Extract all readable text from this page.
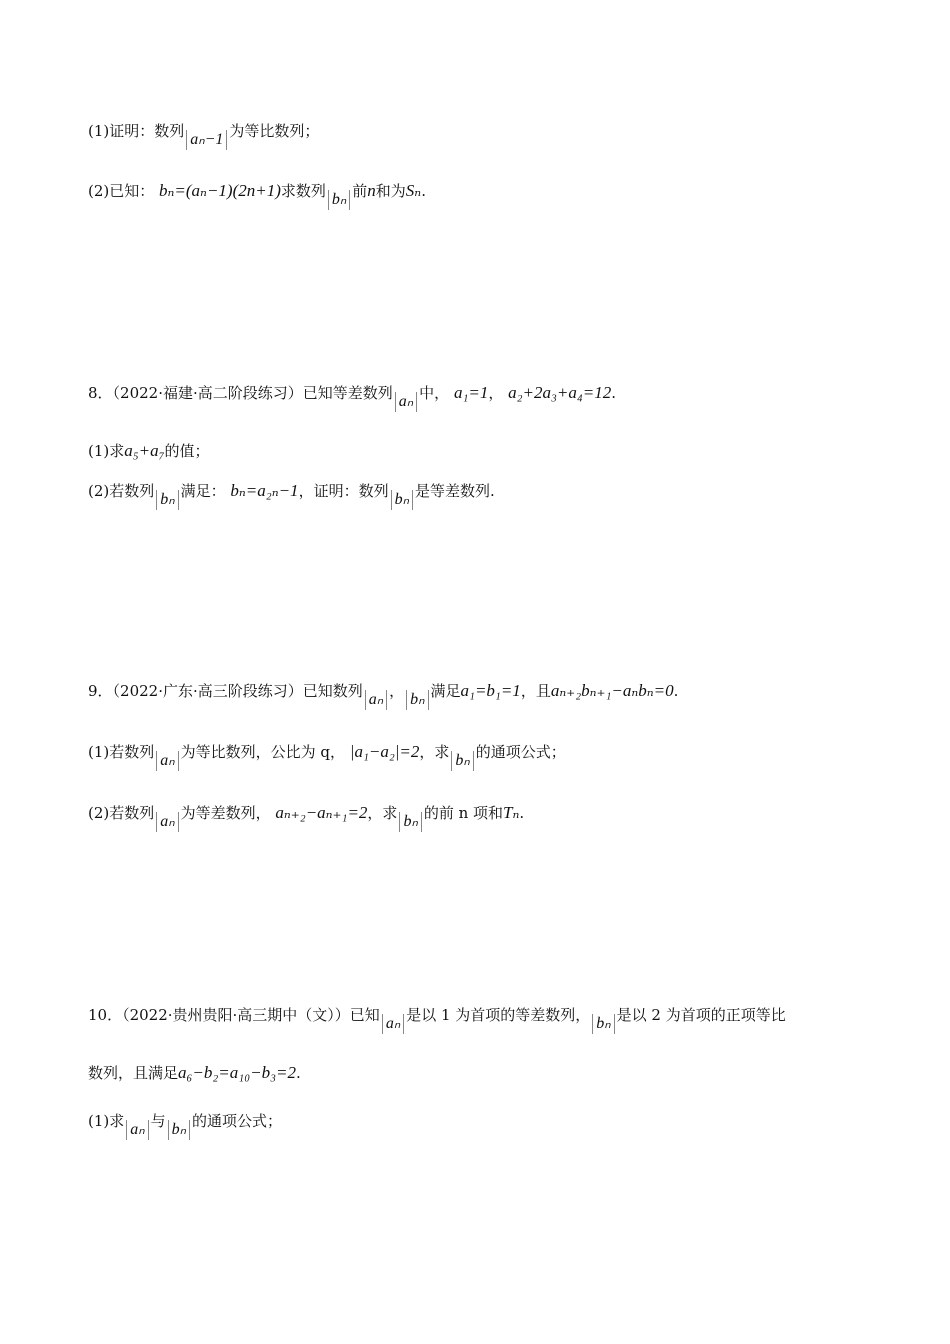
(1)证明：数列 aₙ−1 为等比数列；
(2)已知： bₙ=(aₙ−1)(2n+1)求数列 bₙ 前n和为Sₙ.
8．（2022·福建·高二阶段练习）已知等差数列 aₙ 中， a₁=1， a₂+2a₃+a₄=12.
(1)求a₅+a₇的值；
(2)若数列 bₙ 满足： bₙ=a₂ₙ−1，证明：数列 bₙ 是等差数列.
9．（2022·广东·高三阶段练习）已知数列 aₙ ， bₙ 满足a₁=b₁=1，且aₙ₊₂bₙ₊₁−aₙbₙ=0.
(1)若数列 aₙ 为等比数列，公比为 q， |a₁−a₂|=2，求 bₙ 的通项公式；
(2)若数列 aₙ 为等差数列， aₙ₊₂−aₙ₊₁=2，求 bₙ 的前 n 项和Tₙ.
10．（2022·贵州贵阳·高三期中（文））已知 aₙ 是以 1 为首项的等差数列， bₙ 是以 2 为首项的正项等比
数列，且满足a₆−b₂=a₁₀−b₃=2.
(1)求 aₙ 与 bₙ 的通项公式；
